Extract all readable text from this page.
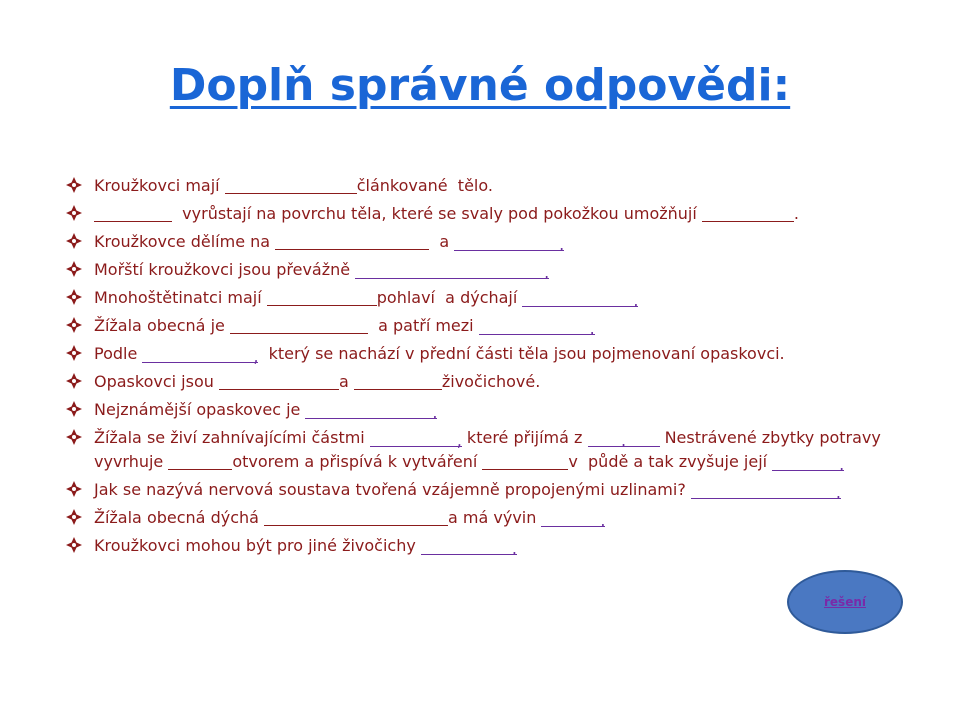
Doplň správné odpovědi:
Kroužkovci mají	článkované  tělo.
vyrůstají na povrchu těla, které se svaly pod pokožkou umožňují	.
Kroužkovce dělíme na	a	.
Mořští kroužkovci jsou převážně	.
Mnohoštětinatci mají	pohlaví  a dýchají	.
Žížala obecná je	a patří mezi	.
Podle	,  který se nachází v přední části těla jsou pojmenovaní opaskovci.
Opaskovci jsou	a	živočichové.
Nejznámější opaskovec je	.
Žížala se živí zahnívajícími částmi	, které přijímá z . Nestrávené zbytky potravy vyvrhuje	otvorem a přispívá k vytváření	v  půdě a tak zvyšuje její	.
Jak se nazývá nervová soustava tvořená vzájemně propojenými uzlinami?	.
Žížala obecná dýchá	a má vývin	.
Kroužkovci mohou být pro jiné živočichy	.
řešení
